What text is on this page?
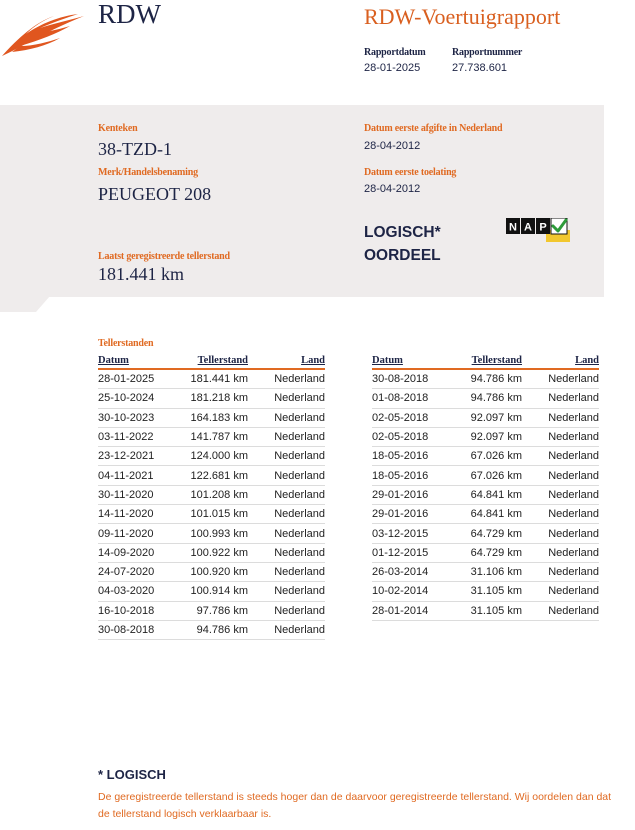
RDW	RDW-Voertuigrapport
Rapportdatum
28-01-2025
Rapportnummer
27.738.601
Kenteken
38-TZD-1
Merk/Handelsbenaming
PEUGEOT 208
Laatst geregistreerde tellerstand
181.441 km
Datum eerste afgifte in Nederland
28-04-2012
Datum eerste toelating
28-04-2012
LOGISCH*
OORDEEL
N A P
Tellerstanden
Datum	Tellerstand	Land
28-01-2025	181.441 km	Nederland
25-10-2024	181.218 km	Nederland
30-10-2023	164.183 km	Nederland
03-11-2022	141.787 km	Nederland
23-12-2021	124.000 km	Nederland
04-11-2021	122.681 km	Nederland
30-11-2020	101.208 km	Nederland
14-11-2020	101.015 km	Nederland
09-11-2020	100.993 km	Nederland
14-09-2020	100.922 km	Nederland
24-07-2020	100.920 km	Nederland
04-03-2020	100.914 km	Nederland
16-10-2018	97.786 km	Nederland
30-08-2018	94.786 km	Nederland
Datum	Tellerstand	Land
30-08-2018	94.786 km	Nederland
01-08-2018	94.786 km	Nederland
02-05-2018	92.097 km	Nederland
02-05-2018	92.097 km	Nederland
18-05-2016	67.026 km	Nederland
18-05-2016	67.026 km	Nederland
29-01-2016	64.841 km	Nederland
29-01-2016	64.841 km	Nederland
03-12-2015	64.729 km	Nederland
01-12-2015	64.729 km	Nederland
26-03-2014	31.106 km	Nederland
10-02-2014	31.105 km	Nederland
28-01-2014	31.105 km	Nederland
* LOGISCH
De geregistreerde tellerstand is steeds hoger dan de daarvoor geregistreerde tellerstand. Wij oordelen dan dat de tellerstand logisch verklaarbaar is.
